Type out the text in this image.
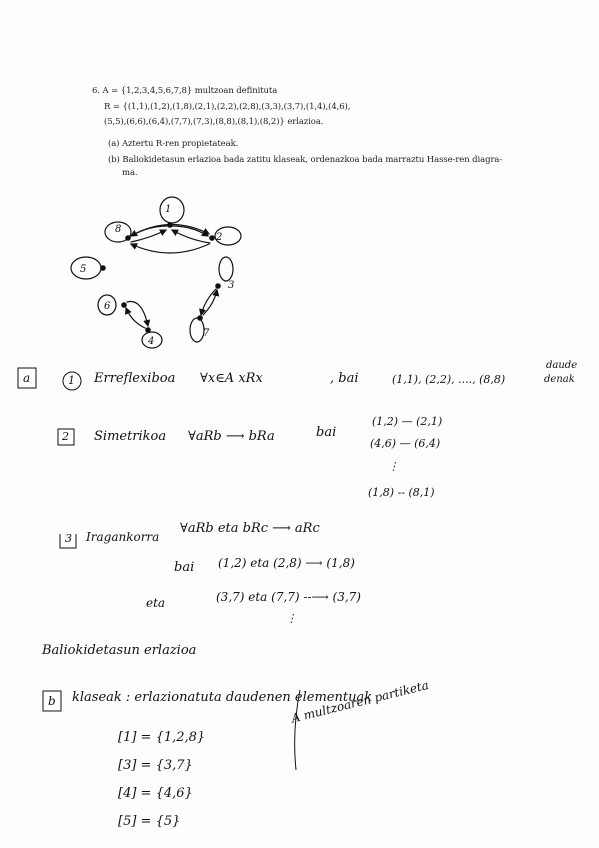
6. A = {1,2,3,4,5,6,7,8} multzoan definituta
R = {(1,1),(1,2),(1,8),(2,1),(2,2),(2,8),(3,3),(3,7),(1,4),(4,6),
(5,5),(6,6),(6,4),(7,7),(7,3),(8,8),(8,1),(8,2)} erlazioa.
(a) Aztertu R-ren propietateak.
(b) Baliokidetasun erlazioa bada zatitu klaseak, ordenazkoa bada marraztu Hasse-ren diagra-
ma.
1
2
8
5
3
7
4
6
a	1 Erreflexiboa ∀x∈A xRx	, bai	(1,1), (2,2), ...., (8,8)
daude
denak
2 Simetrikoa ∀aRb ⟶ bRa	bai
(1,2) — (2,1)
(4,6) — (6,4)
⋮
(1,8) -- (8,1)
3 Iragankorra
∀aRb eta bRc ⟶ aRc
bai (1,2) eta (2,8) ⟶ (1,8)
eta	(3,7) eta (7,7) --⟶ (3,7)
⋮
Baliokidetasun erlazioa
b klaseak : erlazionatuta daudenen elementuak
A multzoaren partiketa
[1] = {1,2,8}
[3] = {3,7}
[4] = {4,6}
[5] = {5}
